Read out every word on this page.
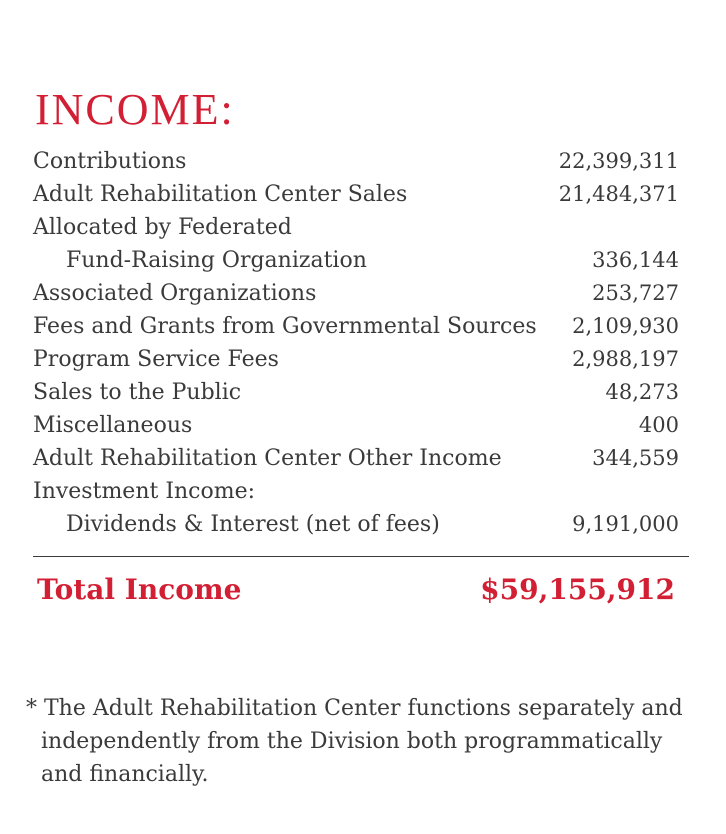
INCOME:
Contributions	22,399,311
Adult Rehabilitation Center Sales	21,484,371
Allocated by Federated
Fund-Raising Organization	336,144
Associated Organizations	253,727
Fees and Grants from Governmental Sources 2,109,930
Program Service Fees	2,988,197
Sales to the Public	48,273
Miscellaneous	400
Adult Rehabilitation Center Other Income	344,559
Investment Income:
Dividends & Interest (net of fees)	9,191,000
Total Income	$59,155,912

* The Adult Rehabilitation Center functions separately and independently from the Division both programmatically and financially.
